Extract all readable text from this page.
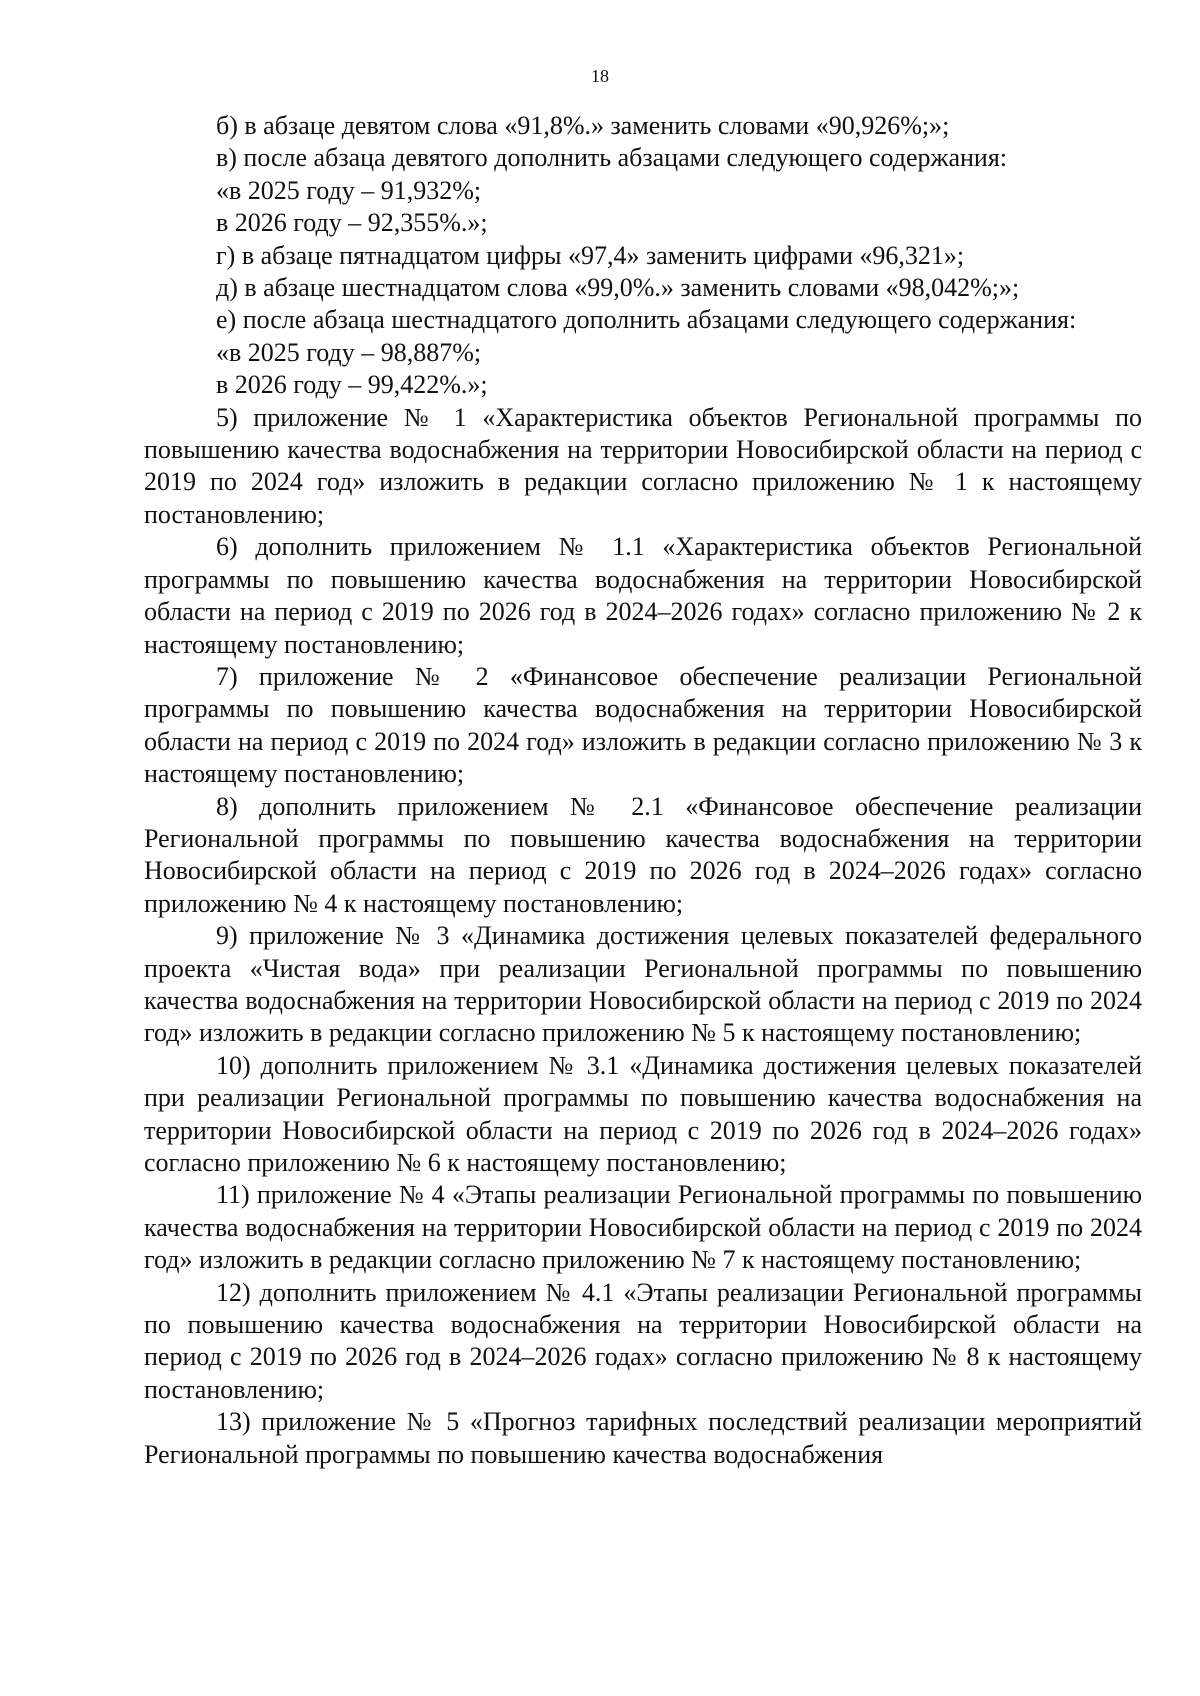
18

б) в абзаце девятом слова «91,8%.» заменить словами «90,926%;»;

в) после абзаца девятого дополнить абзацами следующего содержания:

«в 2025 году – 91,932%;

в 2026 году – 92,355%.»;

г) в абзаце пятнадцатом цифры «97,4» заменить цифрами «96,321»;

д) в абзаце шестнадцатом слова «99,0%.» заменить словами «98,042%;»;

е) после абзаца шестнадцатого дополнить абзацами следующего содержания:

«в 2025 году – 98,887%;

в 2026 году – 99,422%.»;

5) приложение № 1 «Характеристика объектов Региональной программы по повышению качества водоснабжения на территории Новосибирской области на период с 2019 по 2024 год» изложить в редакции согласно приложению № 1 к настоящему постановлению;

6) дополнить приложением № 1.1 «Характеристика объектов Региональной программы по повышению качества водоснабжения на территории Новосибирской области на период с 2019 по 2026 год в 2024–2026 годах» согласно приложению № 2 к настоящему постановлению;

7) приложение № 2 «Финансовое обеспечение реализации Региональной программы по повышению качества водоснабжения на территории Новосибирской области на период с 2019 по 2024 год» изложить в редакции согласно приложению № 3 к настоящему постановлению;

8) дополнить приложением № 2.1 «Финансовое обеспечение реализации Региональной программы по повышению качества водоснабжения на территории Новосибирской области на период с 2019 по 2026 год в 2024–2026 годах» согласно приложению № 4 к настоящему постановлению;

9) приложение № 3 «Динамика достижения целевых показателей федерального проекта «Чистая вода» при реализации Региональной программы по повышению качества водоснабжения на территории Новосибирской области на период с 2019 по 2024 год» изложить в редакции согласно приложению № 5 к настоящему постановлению;

10) дополнить приложением № 3.1 «Динамика достижения целевых показателей при реализации Региональной программы по повышению качества водоснабжения на территории Новосибирской области на период с 2019 по 2026 год в 2024–2026 годах» согласно приложению № 6 к настоящему постановлению;

11) приложение № 4 «Этапы реализации Региональной программы по повышению качества водоснабжения на территории Новосибирской области на период с 2019 по 2024 год» изложить в редакции согласно приложению № 7 к настоящему постановлению;

12) дополнить приложением № 4.1 «Этапы реализации Региональной программы по повышению качества водоснабжения на территории Новосибирской области на период с 2019 по 2026 год в 2024–2026 годах» согласно приложению № 8 к настоящему постановлению;

13) приложение № 5 «Прогноз тарифных последствий реализации мероприятий Региональной программы по повышению качества водоснабжения
